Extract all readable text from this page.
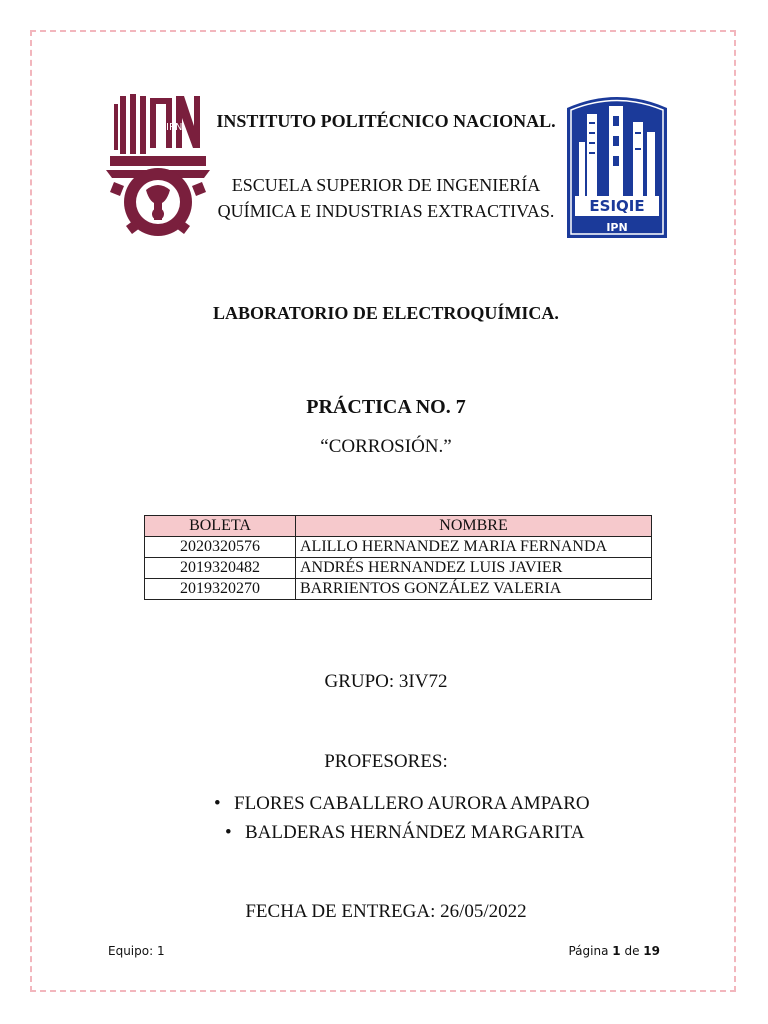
IPN
ESIQIE
IPN
INSTITUTO POLITÉCNICO NACIONAL.
ESCUELA SUPERIOR DE INGENIERÍA QUÍMICA E INDUSTRIAS EXTRACTIVAS.
LABORATORIO DE ELECTROQUÍMICA.
PRÁCTICA NO. 7
“CORROSIÓN.”
BOLETA	NOMBRE
2020320576	ALILLO HERNANDEZ MARIA FERNANDA
2019320482	ANDRÉS HERNANDEZ LUIS JAVIER
2019320270	BARRIENTOS GONZÁLEZ VALERIA
GRUPO: 3IV72
PROFESORES:
• FLORES CABALLERO AURORA AMPARO
• BALDERAS HERNÁNDEZ MARGARITA
FECHA DE ENTREGA: 26/05/2022
Equipo: 1	Página 1 de 19
